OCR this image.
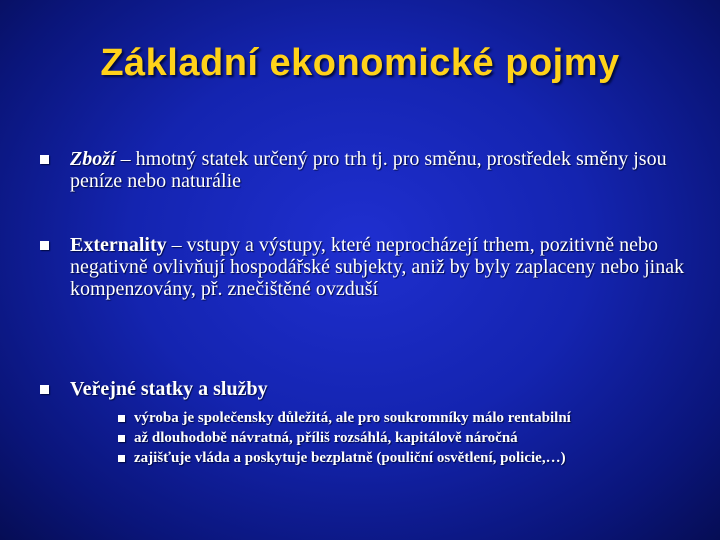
Základní ekonomické pojmy
Zboží – hmotný statek určený pro trh tj. pro směnu, prostředek směny jsou peníze nebo naturálie
Externality – vstupy a výstupy, které neprocházejí trhem, pozitivně nebo negativně ovlivňují hospodářské subjekty, aniž by byly zaplaceny nebo jinak kompenzovány, př. znečištěné ovzduší
Veřejné statky a služby
výroba je společensky důležitá, ale pro soukromníky málo rentabilní
až dlouhodobě návratná, příliš rozsáhlá, kapitálově náročná
zajišťuje vláda a poskytuje bezplatně (pouliční osvětlení, policie,…)
